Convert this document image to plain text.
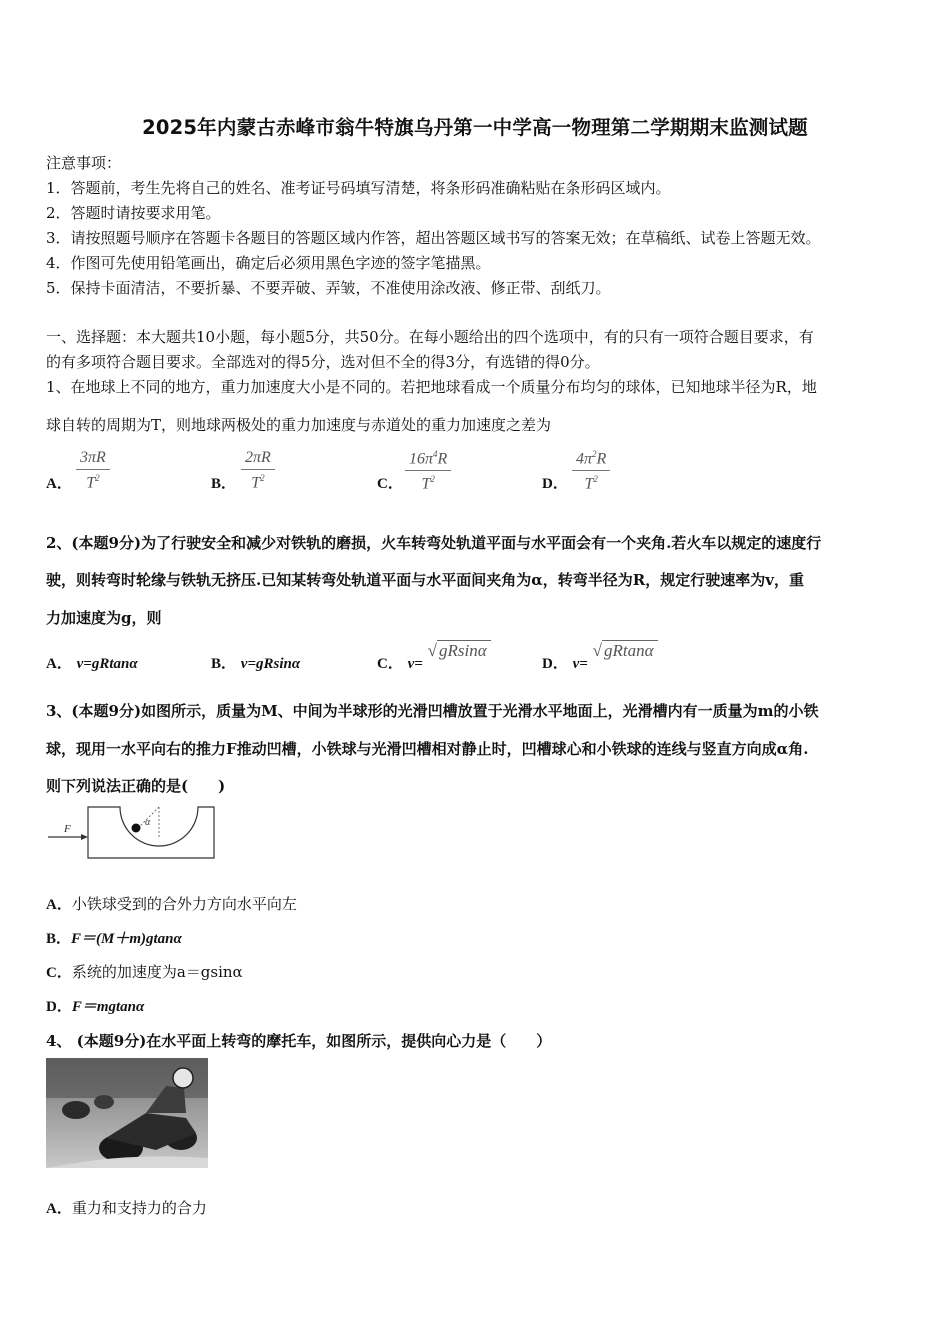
2025年内蒙古赤峰市翁牛特旗乌丹第一中学高一物理第二学期期末监测试题
注意事项：
1．答题前，考生先将自己的姓名、准考证号码填写清楚，将条形码准确粘贴在条形码区域内。
2．答题时请按要求用笔。
3．请按照题号顺序在答题卡各题目的答题区域内作答，超出答题区域书写的答案无效；在草稿纸、试卷上答题无效。
4．作图可先使用铅笔画出，确定后必须用黑色字迹的签字笔描黑。
5．保持卡面清洁，不要折暴、不要弄破、弄皱，不准使用涂改液、修正带、刮纸刀。
一、选择题：本大题共10小题，每小题5分，共50分。在每小题给出的四个选项中，有的只有一项符合题目要求，有
的有多项符合题目要求。全部选对的得5分，选对但不全的得3分，有选错的得0分。
1、在地球上不同的地方，重力加速度大小是不同的。若把地球看成一个质量分布均匀的球体，已知地球半径为R，地
球自转的周期为T，则地球两极处的重力加速度与赤道处的重力加速度之差为
A． $\frac{3\pi R}{T^2}$	B． $\frac{2\pi R}{T^2}$	C． $\frac{16\pi^4R}{T^2}$	D． $\frac{4\pi^2R}{T^2}$
2、(本题9分)为了行驶安全和减少对铁轨的磨损，火车转弯处轨道平面与水平面会有一个夹角.若火车以规定的速度行
驶，则转弯时轮缘与铁轨无挤压.已知某转弯处轨道平面与水平面间夹角为α，转弯半径为R，规定行驶速率为v，重
力加速度为g，则
A． v=gRtanα	B． v=gRsinα	C． v= √ gRsinα
D． v= √ gRtanα
3、(本题9分)如图所示，质量为M、中间为半球形的光滑凹槽放置于光滑水平地面上，光滑槽内有一质量为m的小铁
球，现用一水平向右的推力F推动凹槽，小铁球与光滑凹槽相对静止时，凹槽球心和小铁球的连线与竖直方向成α角.
则下列说法正确的是(　　)
F
α
A．小铁球受到的合外力方向水平向左
B．F＝(M＋m)gtanα
C．系统的加速度为a＝gsinα
D．F＝mgtanα
4、 (本题9分)在水平面上转弯的摩托车，如图所示，提供向心力是（　　）
A．重力和支持力的合力
